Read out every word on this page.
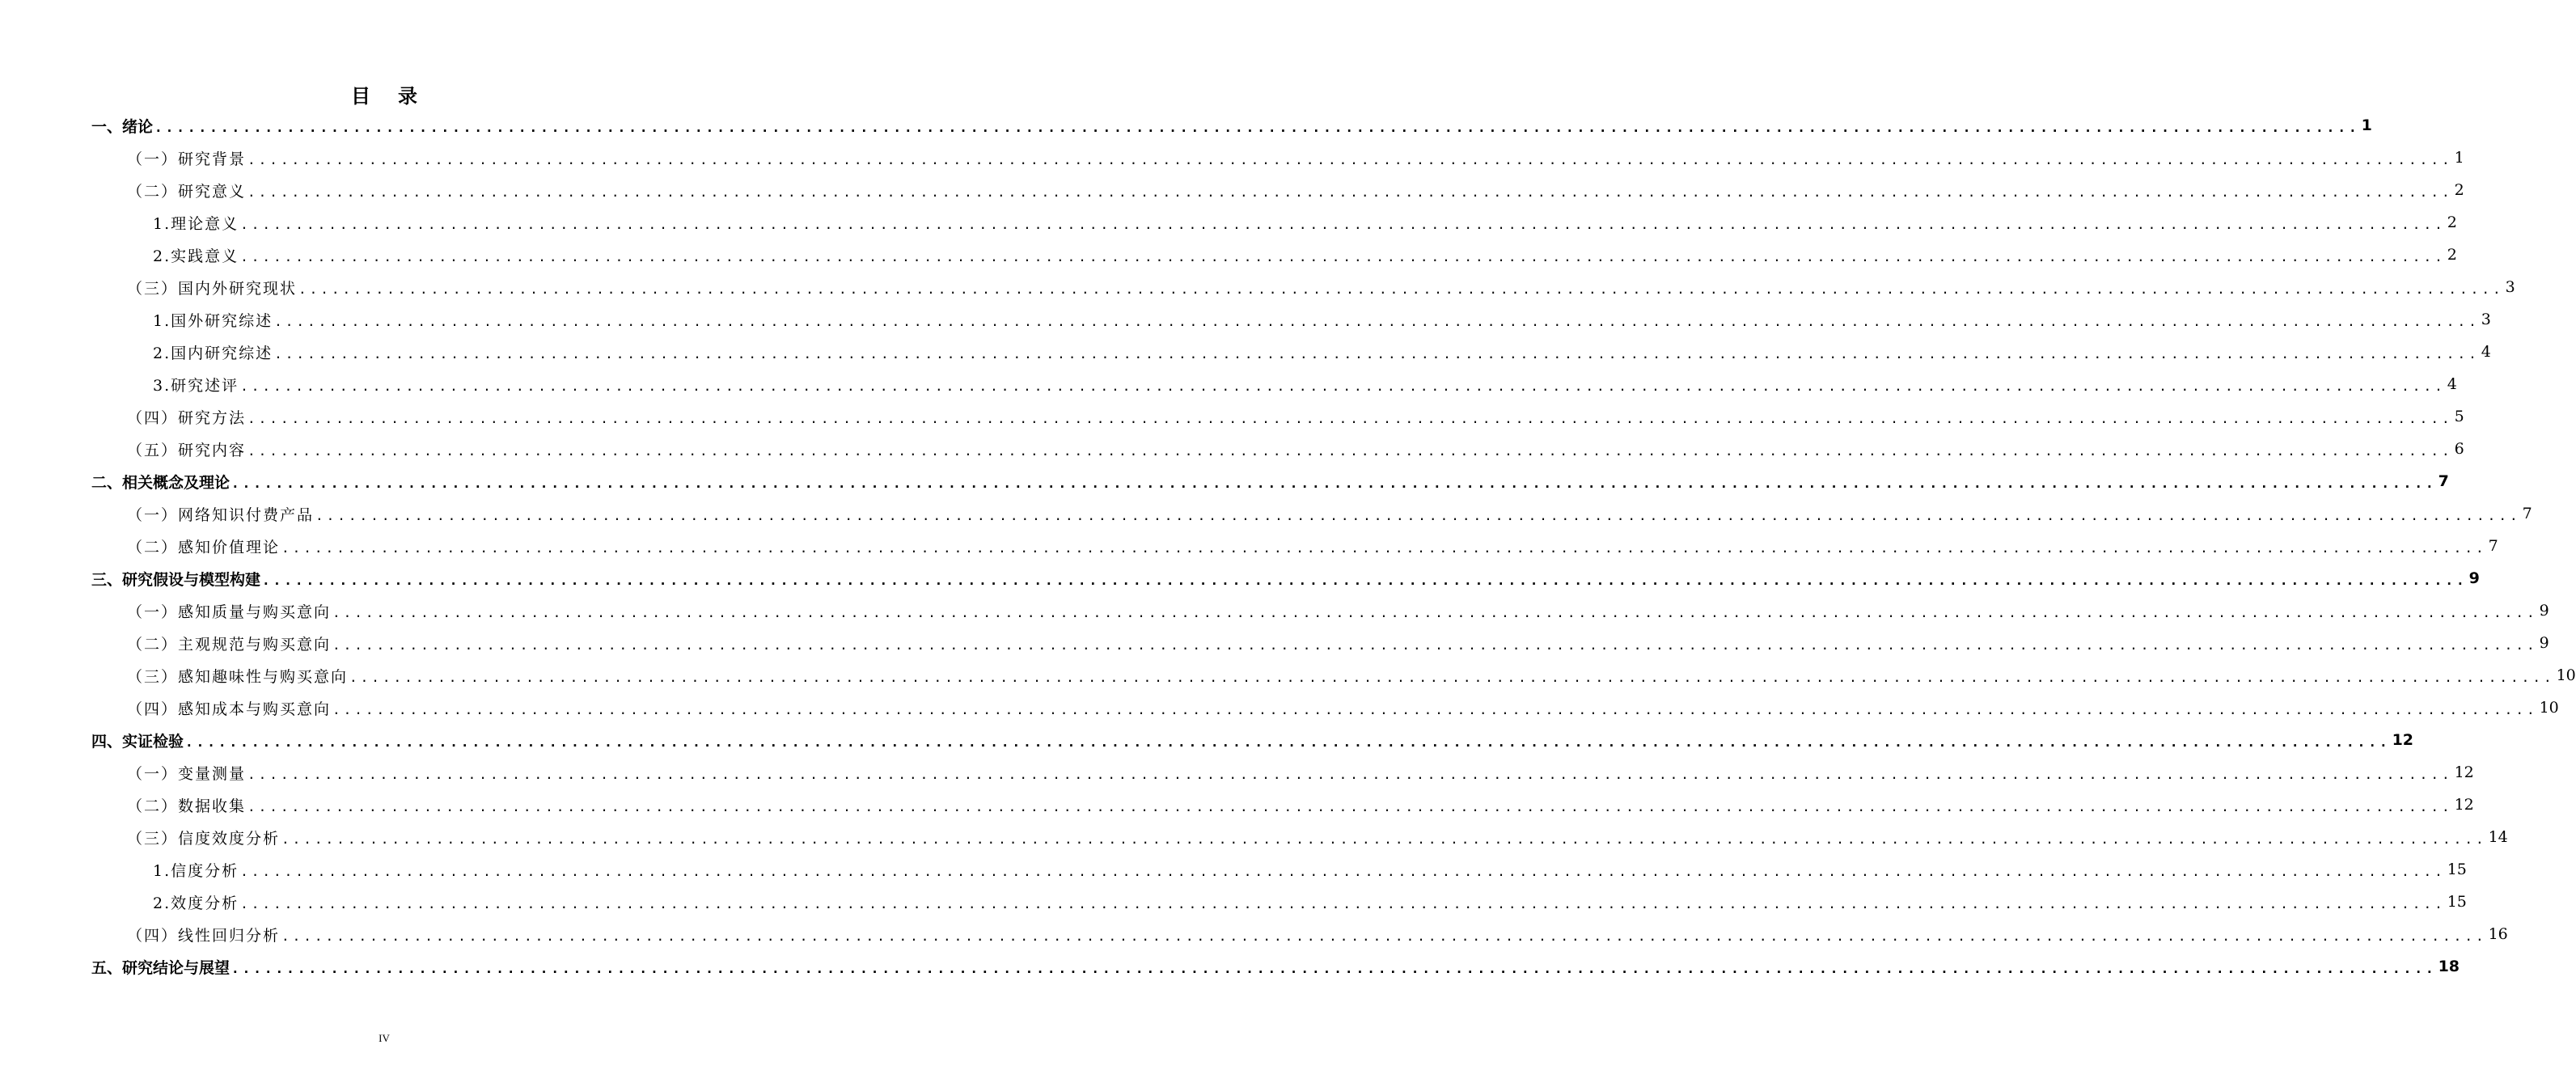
目录
一、绪论 ........................................................................................................................................................................................................ 1
（一）研究背景 ........................................................................................................................................................................................................ 1
（二）研究意义 ........................................................................................................................................................................................................ 2
1.理论意义 ........................................................................................................................................................................................................ 2
2.实践意义 ........................................................................................................................................................................................................ 2
（三）国内外研究现状 ........................................................................................................................................................................................................ 3
1.国外研究综述 ........................................................................................................................................................................................................ 3
2.国内研究综述 ........................................................................................................................................................................................................ 4
3.研究述评 ........................................................................................................................................................................................................ 4
（四）研究方法 ........................................................................................................................................................................................................ 5
（五）研究内容 ........................................................................................................................................................................................................ 6
二、相关概念及理论 ........................................................................................................................................................................................................ 7
（一）网络知识付费产品 ........................................................................................................................................................................................................ 7
（二）感知价值理论 ........................................................................................................................................................................................................ 7
三、研究假设与模型构建 ........................................................................................................................................................................................................ 9
（一）感知质量与购买意向 ........................................................................................................................................................................................................ 9
（二）主观规范与购买意向 ........................................................................................................................................................................................................ 9
（三）感知趣味性与购买意向 ........................................................................................................................................................................................................ 10
（四）感知成本与购买意向 ........................................................................................................................................................................................................ 10
四、实证检验 ........................................................................................................................................................................................................ 12
（一）变量测量 ........................................................................................................................................................................................................ 12
（二）数据收集 ........................................................................................................................................................................................................ 12
（三）信度效度分析 ........................................................................................................................................................................................................ 14
1.信度分析 ........................................................................................................................................................................................................ 15
2.效度分析 ........................................................................................................................................................................................................ 15
（四）线性回归分析 ........................................................................................................................................................................................................ 16
五、研究结论与展望 ........................................................................................................................................................................................................ 18
IV
